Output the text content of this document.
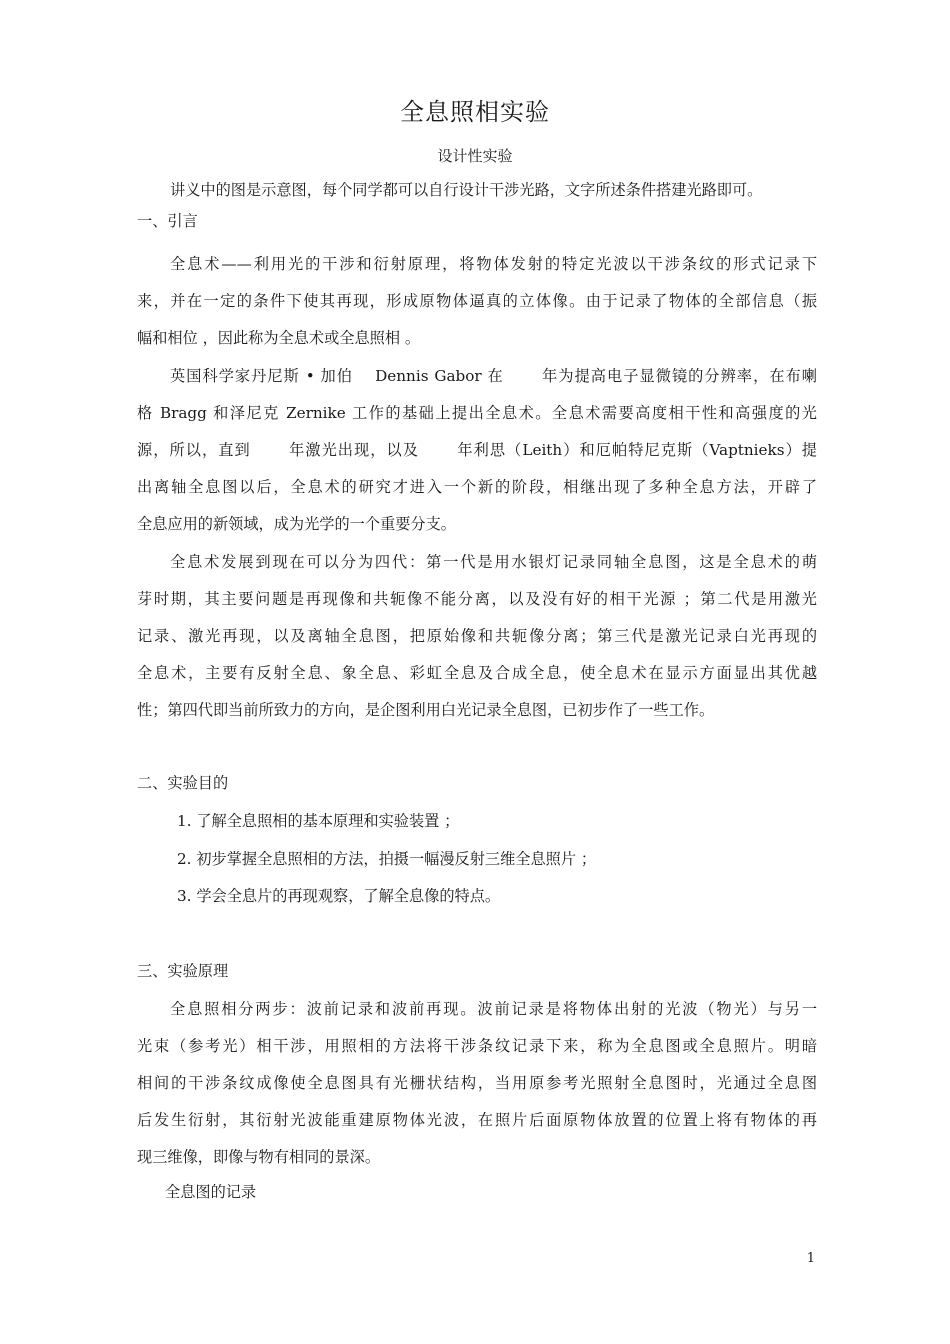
全息照相实验
设计性实验
讲义中的图是示意图，每个同学都可以自行设计干涉光路，文字所述条件搭建光路即可。
一、引言
全息术——利用光的干涉和衍射原理，将物体发射的特定光波以干涉条纹的形式记录下
来，并在一定的条件下使其再现，形成原物体逼真的立体像。由于记录了物体的全部信息（振
幅和相位 ，因此称为全息术或全息照相 。
英国科学家丹尼斯 • 加伯　 Dennis Gabor 在　　 年为提高电子显微镜的分辨率，在布喇
格 Bragg 和泽尼克 Zernike 工作的基础上提出全息术。全息术需要高度相干性和高强度的光
源，所以，直到　　 年激光出现，以及　　 年利思（Leith）和厄帕特尼克斯（Vaptnieks）提
出离轴全息图以后，全息术的研究才进入一个新的阶段，相继出现了多种全息方法，开辟了
全息应用的新领域，成为光学的一个重要分支。
全息术发展到现在可以分为四代：第一代是用水银灯记录同轴全息图，这是全息术的萌
芽时期，其主要问题是再现像和共轭像不能分离，以及没有好的相干光源 ；第二代是用激光
记录、激光再现，以及离轴全息图，把原始像和共轭像分离；第三代是激光记录白光再现的
全息术，主要有反射全息、象全息、彩虹全息及合成全息，使全息术在显示方面显出其优越
性；第四代即当前所致力的方向，是企图利用白光记录全息图，已初步作了一些工作。
二、实验目的
1. 了解全息照相的基本原理和实验装置 ；
2. 初步掌握全息照相的方法，拍摄一幅漫反射三维全息照片 ；
3. 学会全息片的再现观察，了解全息像的特点。
三、实验原理
全息照相分两步：波前记录和波前再现。波前记录是将物体出射的光波（物光）与另一
光束（参考光）相干涉，用照相的方法将干涉条纹记录下来，称为全息图或全息照片。明暗
相间的干涉条纹成像使全息图具有光栅状结构，当用原参考光照射全息图时，光通过全息图
后发生衍射，其衍射光波能重建原物体光波，在照片后面原物体放置的位置上将有物体的再
现三维像，即像与物有相同的景深。
全息图的记录
1
